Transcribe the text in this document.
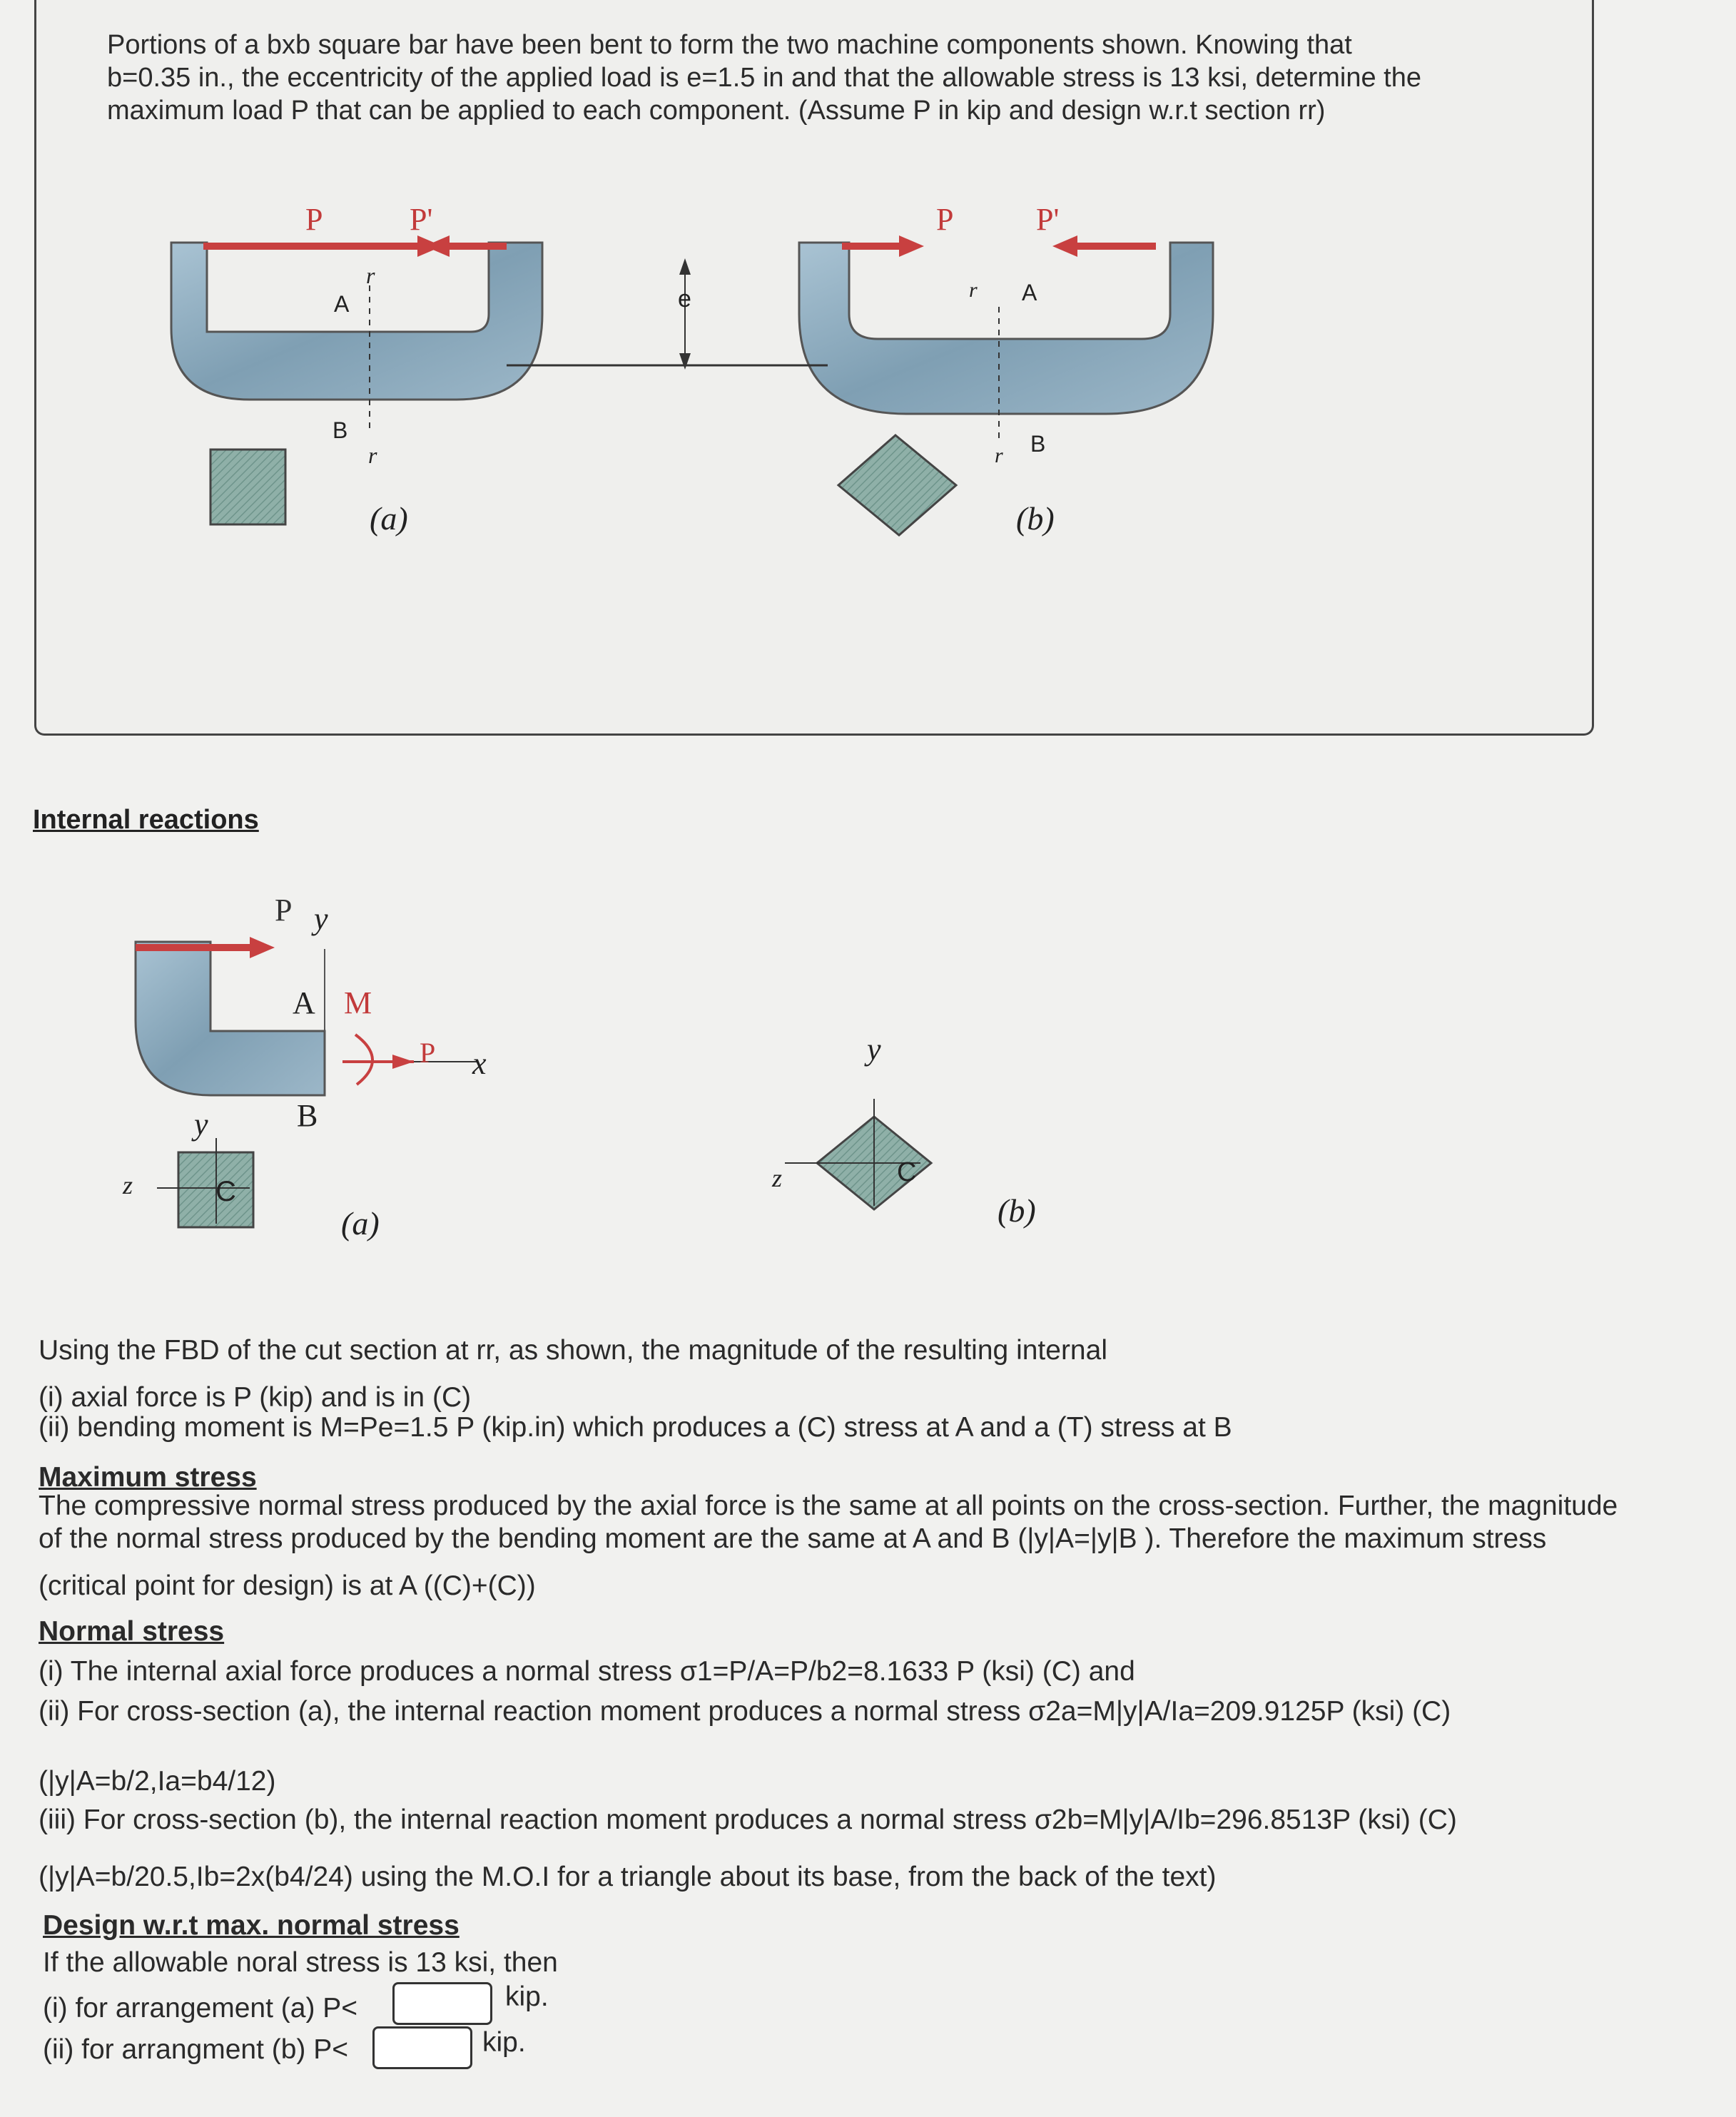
Portions of a bxb square bar have been bent to form the two machine components shown. Knowing that
b=0.35 in., the eccentricity of the applied load is e=1.5 in and that the allowable stress is 13 ksi, determine the
maximum load P that can be applied to each component. (Assume P in kip and design w.r.t section rr)
P	P'
A
r
B
r
(a)
e
P	P'
r A
r B
(b)
Internal reactions
P y
A M
P x
B
y
z	C
(a)
y
z	C
(b)
Using the FBD of the cut section at rr, as shown, the magnitude of the resulting internal
(i) axial force is P (kip) and is in (C)
(ii) bending moment is M=Pe=1.5 P (kip.in) which produces a (C) stress at A and a (T) stress at B
Maximum stress
The compressive normal stress produced by the axial force is the same at all points on the cross-section. Further, the magnitude
of the normal stress produced by the bending moment are the same at A and B (|y|A=|y|B ). Therefore the maximum stress
(critical point for design) is at A ((C)+(C))
Normal stress
(i) The internal axial force produces a normal stress σ1=P/A=P/b2=8.1633 P (ksi) (C) and
(ii) For cross-section (a), the internal reaction moment produces a normal stress σ2a=M|y|A/Ia=209.9125P (ksi) (C)
(|y|A=b/2,Ia=b4/12)
(iii) For cross-section (b), the internal reaction moment produces a normal stress σ2b=M|y|A/Ib=296.8513P (ksi) (C)
(|y|A=b/20.5,Ib=2x(b4/24) using the M.O.I for a triangle about its base, from the back of the text)
Design w.r.t max. normal stress
If the allowable noral stress is 13 ksi, then
(i) for arrangement (a) P<	kip.
(ii) for arrangment (b) P<	kip.
